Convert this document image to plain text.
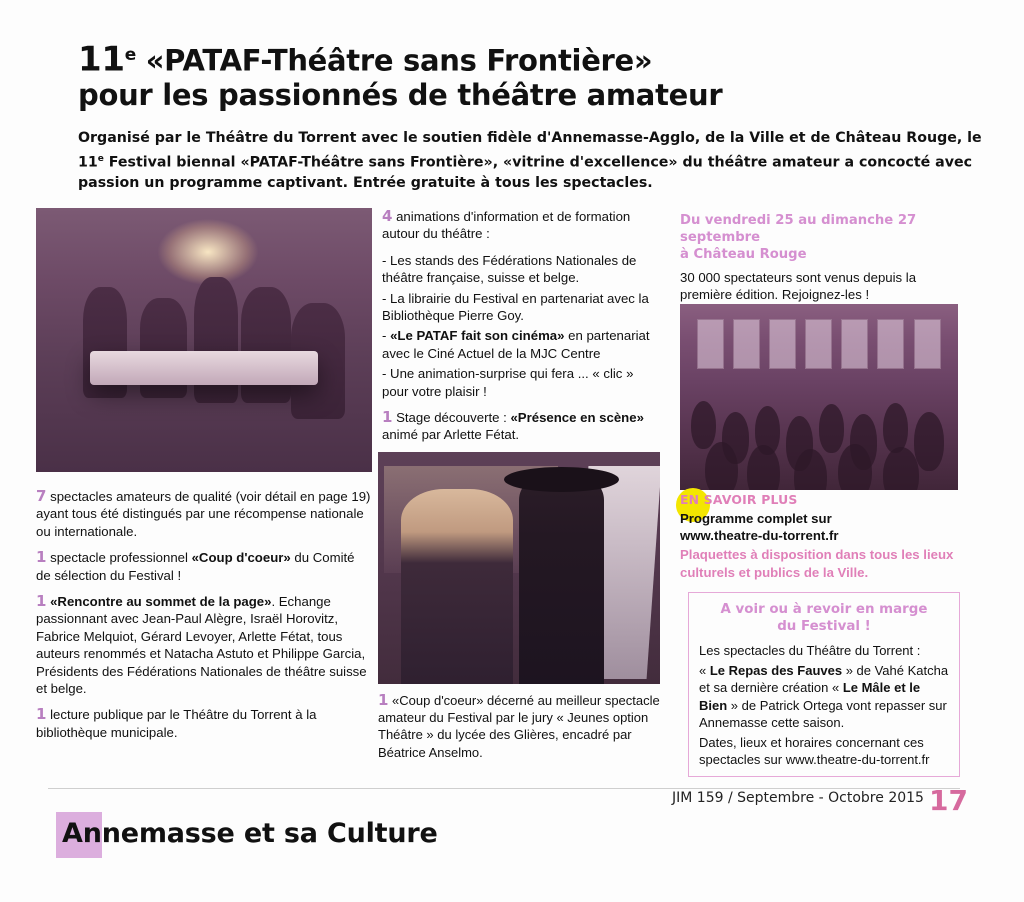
11e «PATAF-Théâtre sans Frontière»
pour les passionnés de théâtre amateur
Organisé par le Théâtre du Torrent avec le soutien fidèle d'Annemasse-Agglo, de la Ville et de Château Rouge, le 11e Festival biennal «PATAF-Théâtre sans Frontière», «vitrine d'excellence» du théâtre amateur a concocté avec passion un programme captivant. Entrée gratuite à tous les spectacles.

7 spectacles amateurs de qualité (voir détail en page 19) ayant tous été distingués par une récompense nationale ou internationale.

1 spectacle professionnel «Coup d'coeur» du Comité de sélection du Festival !

1 «Rencontre au sommet de la page». Echange passionnant avec Jean-Paul Alègre, Israël Horovitz, Fabrice Melquiot, Gérard Levoyer, Arlette Fétat, tous auteurs renommés et Natacha Astuto et Philippe Garcia, Présidents des Fédérations Nationales de théâtre suisse et belge.

1 lecture publique par le Théâtre du Torrent à la bibliothèque municipale.

4 animations d'information et de formation autour du théâtre :

- Les stands des Fédérations Nationales de théâtre française, suisse et belge.

- La librairie du Festival en partenariat avec la Bibliothèque Pierre Goy.

- «Le PATAF fait son cinéma» en partenariat avec le Ciné Actuel de la MJC Centre

- Une animation-surprise qui fera ... « clic » pour votre plaisir !

1 Stage découverte : «Présence en scène» animé par Arlette Fétat.

1 «Coup d'coeur» décerné au meilleur spectacle amateur du Festival par le jury « Jeunes option Théâtre » du lycée des Glières, encadré par Béatrice Anselmo.

Du vendredi 25 au dimanche 27 septembre
à Château Rouge

30 000 spectateurs sont venus depuis la première édition. Rejoignez-les !

EN SAVOIR PLUS
Programme complet sur
www.theatre-du-torrent.fr
Plaquettes à disposition dans tous les lieux culturels et publics de la Ville.
A voir ou à revoir en marge
du Festival !

Les spectacles du Théâtre du Torrent :

« Le Repas des Fauves » de Vahé Katcha et sa dernière création « Le Mâle et le Bien » de Patrick Ortega vont repasser sur Annemasse cette saison.

Dates, lieux et horaires concernant ces spectacles sur www.theatre-du-torrent.fr

JIM 159 / Septembre - Octobre 2015 17
Annemasse et sa Culture
